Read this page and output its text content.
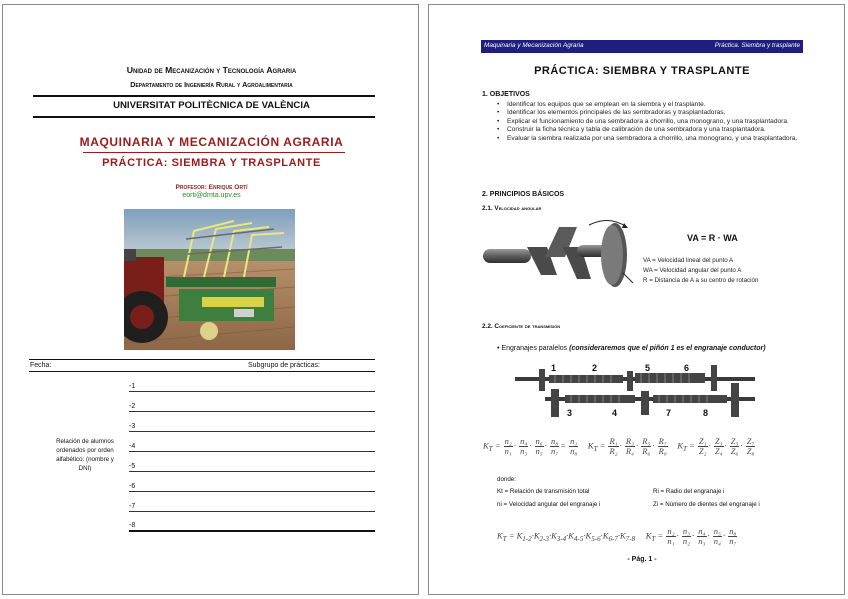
Unidad de Mecanización y Tecnología Agraria
Departamento de Ingeniería Rural y Agroalimentaria
UNIVERSITAT POLITÈCNICA DE VALÈNCIA
MAQUINARIA Y MECANIZACIÓN AGRARIA
PRÁCTICA: SIEMBRA Y TRASPLANTE
Profesor: Enrique Ortí
eorti@dmta.upv.es
Fecha:	Subgrupo de prácticas:
Relación de alumnos ordenados por orden alfabético: (nombre y DNI)
-1
-2
-3
-4
-5
-6
-7
-8
Maquinaria y Mecanización Agraria	Práctica. Siembra y trasplante
PRÁCTICA: SIEMBRA Y TRASPLANTE
1. OBJETIVOS
• Identificar los equipos que se emplean en la siembra y el trasplante.
• Identificar los elementos principales de las sembradoras y trasplantadoras.
• Explicar el funcionamiento de una sembradora a chorrillo, una monograno, y una trasplantadora.
• Construir la ficha técnica y tabla de calibración de una sembradora y una trasplantadora.
• Evaluar la siembra realizada por una sembradora a chorrillo, una monograno, y una trasplantadora.
2. PRINCIPIOS BÁSICOS
2.1. Velocidad angular
VA = R · WA
VA = Velocidad lineal del punto A
WA = Velocidad angular del punto A
R = Distancia de A a su centro de rotación
2.2. Coeficiente de transmisión
• Engranajes paralelos (consideraremos que el piñón 1 es el engranaje conductor)
1	2	5	6
3	4	7	8
$K_T = \frac{\text{n₂}}{\text{n₁}} \cdot \frac{\text{n₄}}{\text{n₃}} \cdot \frac{\text{n₆}}{\text{n₅}} \cdot \frac{\text{n₈}}{\text{n₇}} = \frac{\text{n₁}}{\text{n₈}} K_T = \frac{\text{R₁}}{\text{R₂}} \cdot \frac{\text{R₃}}{\text{R₄}} \cdot \frac{\text{R₅}}{\text{R₆}} \cdot \frac{\text{R₇}}{\text{R₈}} K_T = \frac{\text{Z₁}}{\text{Z₂}} \cdot \frac{\text{Z₃}}{\text{Z₄}} \cdot \frac{\text{Z₅}}{\text{Z₆}} \cdot \frac{\text{Z₇}}{\text{Z₈}}$
donde:
Kt = Relación de transmisión total	Ri = Radio del engranaje i
ni = Velocidad angular del engranaje i	Zi = Número de dientes del engranaje i
$K_T = K_{1-2}\cdot K_{2-3}\cdot K_{3-4}\cdot K_{4-5}\cdot K_{5-6}\cdot K_{6-7}\cdot K_{7-8}$     $K_T = \frac{\text{n₂}}{\text{n₁}} \cdot \frac{\text{n₃}}{\text{n₂}} \cdot \frac{\text{n₄}}{\text{n₃}} \cdot \frac{\text{n₅}}{\text{n₄}} \cdot \frac{\text{n₈}}{\text{n₇}}$
- Pág. 1 -
